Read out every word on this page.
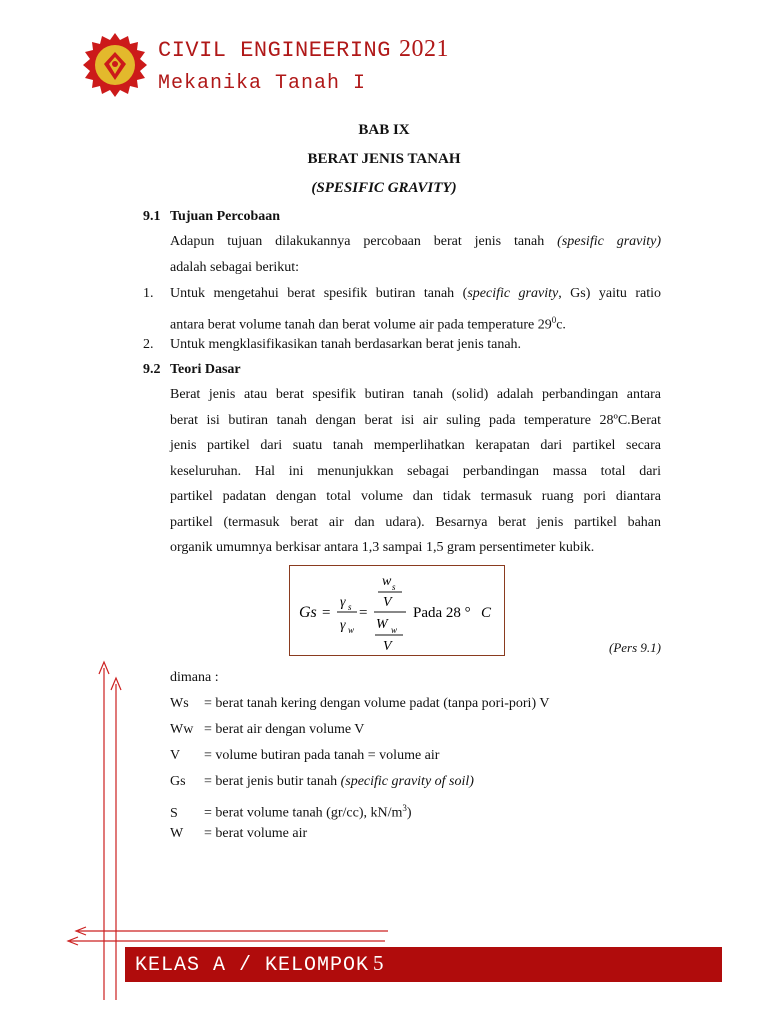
CIVIL ENGINEERING 2021
Mekanika Tanah I
BAB IX
BERAT JENIS TANAH
(SPESIFIC GRAVITY)
9.1 Tujuan Percobaan
Adapun tujuan dilakukannya percobaan berat jenis tanah (spesific gravity)
adalah sebagai berikut:
1. Untuk mengetahui berat spesifik butiran tanah (specific gravity, Gs) yaitu ratio
antara berat volume tanah dan berat volume air pada temperature $29^0c$.
2. Untuk mengklasifikasikan tanah berdasarkan berat jenis tanah.
9.2 Teori Dasar
Berat jenis atau berat spesifik butiran tanah (solid) adalah perbandingan antara
berat isi butiran tanah dengan berat isi air suling pada temperature 28ºC.Berat
jenis partikel dari suatu tanah memperlihatkan kerapatan dari partikel secara
keseluruhan. Hal ini menunjukkan sebagai perbandingan massa total dari
partikel padatan dengan total volume dan tidak termasuk ruang pori diantara
partikel (termasuk berat air dan udara). Besarnya berat jenis partikel bahan
organik umumnya berkisar antara 1,3 sampai 1,5 gram persentimeter kubik.
Gs =
γ s
γ w
=
w s
V
W w
V
Pada 28 ° C
(Pers 9.1)
dimana :
Ws = berat tanah kering dengan volume padat (tanpa pori-pori) V
Ww = berat air dengan volume V
V = volume butiran pada tanah = volume air
Gs = berat jenis butir tanah (specific gravity of soil)
S = berat volume tanah (gr/cc), $kN/m^3$)
W = berat volume air
KELAS A / KELOMPOK 5
